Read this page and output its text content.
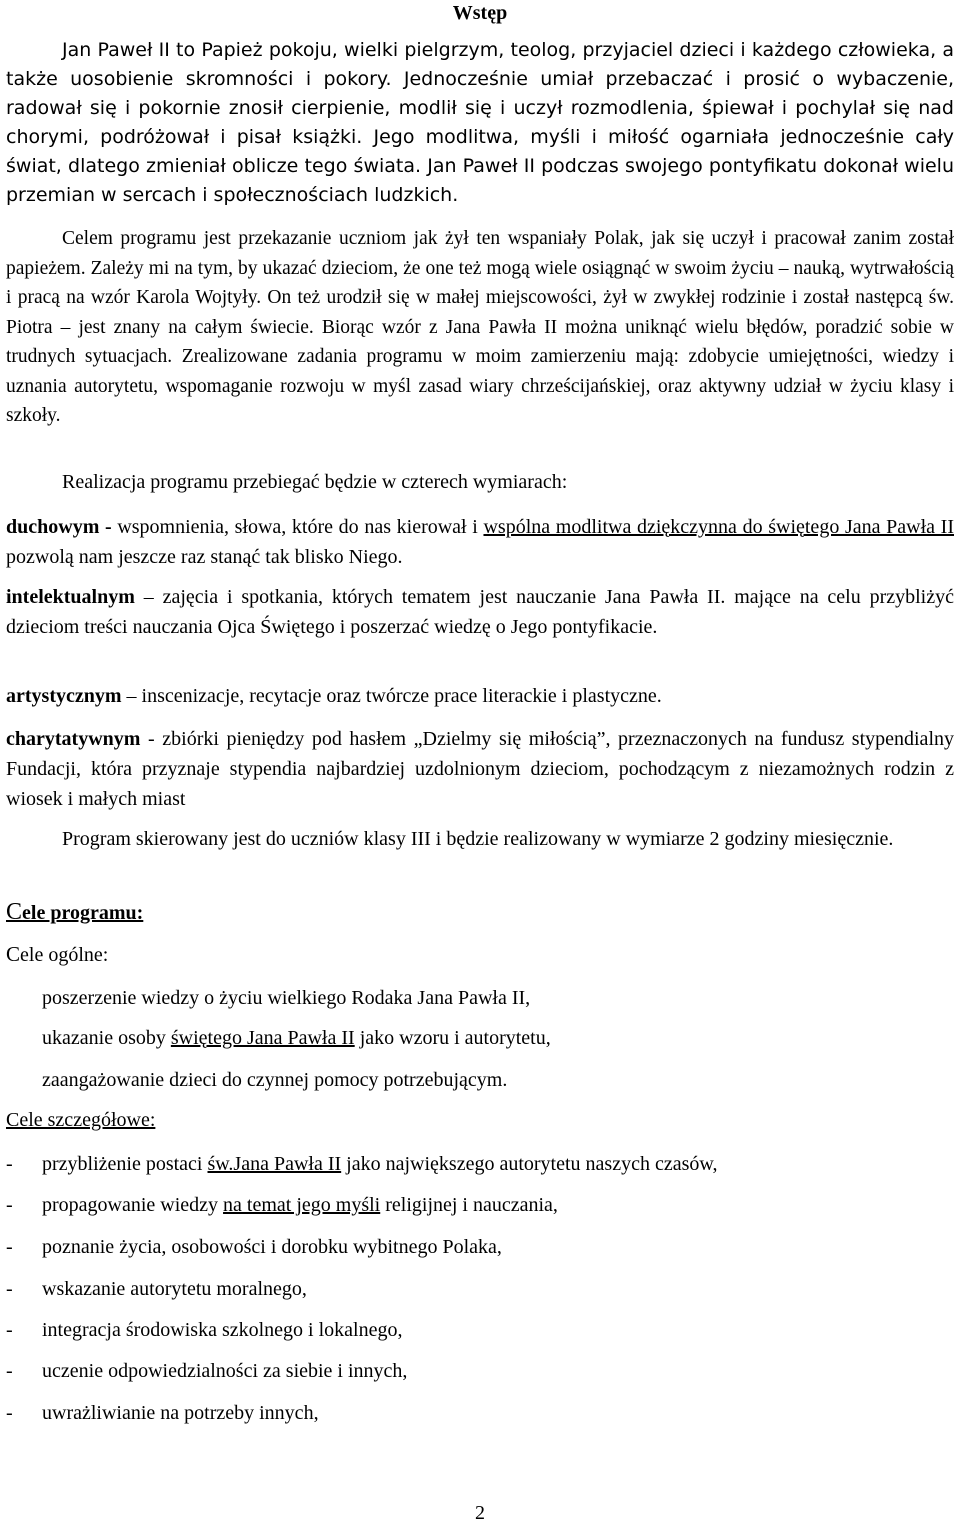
Wstęp

Jan Paweł II to Papież pokoju, wielki pielgrzym, teolog, przyjaciel dzieci i każdego człowieka, a także uosobienie skromności i pokory. Jednocześnie umiał przebaczać i prosić o wybaczenie, radował się i pokornie znosił cierpienie, modlił się i uczył rozmodlenia, śpiewał i pochylał się nad chorymi, podróżował i pisał książki. Jego modlitwa, myśli i miłość ogarniała jednocześnie cały świat, dlatego zmieniał oblicze tego świata. Jan Paweł II podczas swojego pontyfikatu dokonał wielu przemian w sercach i społecznościach ludzkich.

Celem programu jest przekazanie uczniom jak żył ten wspaniały Polak, jak się uczył i pracował zanim został papieżem. Zależy mi na tym, by ukazać dzieciom, że one też mogą wiele osiągnąć w swoim życiu – nauką, wytrwałością i pracą na wzór Karola Wojtyły. On też urodził się w małej miejscowości, żył w zwykłej rodzinie i został następcą św. Piotra – jest znany na całym świecie. Biorąc wzór z Jana Pawła II można uniknąć wielu błędów, poradzić sobie w trudnych sytuacjach. Zrealizowane zadania programu w moim zamierzeniu mają: zdobycie umiejętności, wiedzy i uznania autorytetu, wspomaganie rozwoju w myśl zasad wiary chrześcijańskiej, oraz aktywny udział w życiu klasy i szkoły.

Realizacja programu przebiegać będzie w czterech wymiarach:

duchowym - wspomnienia, słowa, które do nas kierował i wspólna modlitwa dziękczynna do świętego Jana Pawła II pozwolą nam jeszcze raz stanąć tak blisko Niego.

intelektualnym – zajęcia i spotkania, których tematem jest nauczanie Jana Pawła II. mające na celu przybliżyć dzieciom treści nauczania Ojca Świętego i poszerzać wiedzę o Jego pontyfikacie.

artystycznym – inscenizacje, recytacje oraz twórcze prace literackie i plastyczne.

charytatywnym - zbiórki pieniędzy pod hasłem „Dzielmy się miłością”, przeznaczonych na fundusz stypendialny Fundacji, która przyznaje stypendia najbardziej uzdolnionym dzieciom, pochodzącym z niezamożnych rodzin z wiosek i małych miast

Program skierowany jest do uczniów klasy III i będzie realizowany w wymiarze 2 godziny miesięcznie.

Cele programu:

Cele ogólne:

poszerzenie wiedzy o życiu wielkiego Rodaka Jana Pawła II,

ukazanie osoby świętego Jana Pawła II jako wzoru i autorytetu,

zaangażowanie dzieci do czynnej pomocy potrzebującym.

Cele szczegółowe:

- przybliżenie postaci św.Jana Pawła II jako największego autorytetu naszych czasów,

- propagowanie wiedzy na temat jego myśli religijnej i nauczania,

- poznanie życia, osobowości i dorobku wybitnego Polaka,

- wskazanie autorytetu moralnego,

- integracja środowiska szkolnego i lokalnego,

- uczenie odpowiedzialności za siebie i innych,

- uwrażliwianie na potrzeby innych,

2
